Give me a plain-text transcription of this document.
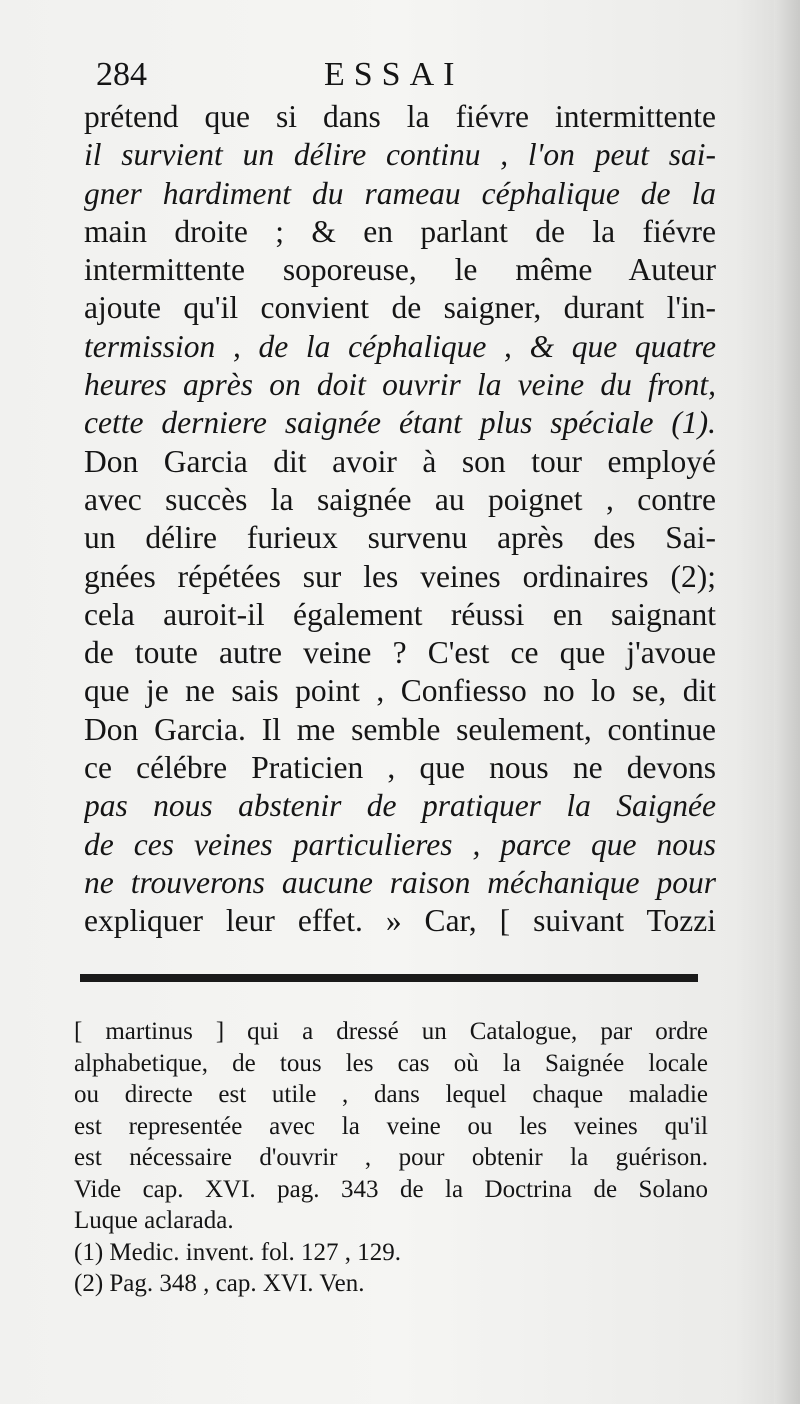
284	ESSAI
prétend que si dans la fiévre intermittente
il survient un délire continu , l'on peut sai-
gner hardiment du rameau céphalique de la
main droite ; & en parlant de la fiévre
intermittente soporeuse, le même Auteur
ajoute qu'il convient de saigner, durant l'in-
termission , de la céphalique , & que quatre
heures après on doit ouvrir la veine du front,
cette derniere saignée étant plus spéciale (1).
Don Garcia dit avoir à son tour employé
avec succès la saignée au poignet , contre
un délire furieux survenu après des Sai-
gnées répétées sur les veines ordinaires (2);
cela auroit-il également réussi en saignant
de toute autre veine ? C'est ce que j'avoue
que je ne sais point , Confiesso no lo se, dit
Don Garcia. Il me semble seulement, continue
ce célébre Praticien , que nous ne devons
pas nous abstenir de pratiquer la Saignée
de ces veines particulieres , parce que nous
ne trouverons aucune raison méchanique pour
expliquer leur effet. » Car, [ suivant Tozzi
[ martinus ] qui a dressé un Catalogue, par ordre
alphabetique, de tous les cas où la Saignée locale
ou directe est utile , dans lequel chaque maladie
est representée avec la veine ou les veines qu'il
est nécessaire d'ouvrir , pour obtenir la guérison.
Vide cap. XVI. pag. 343 de la Doctrina de Solano
Luque aclarada.
(1) Medic. invent. fol. 127 , 129.
(2) Pag. 348 , cap. XVI. Ven.
